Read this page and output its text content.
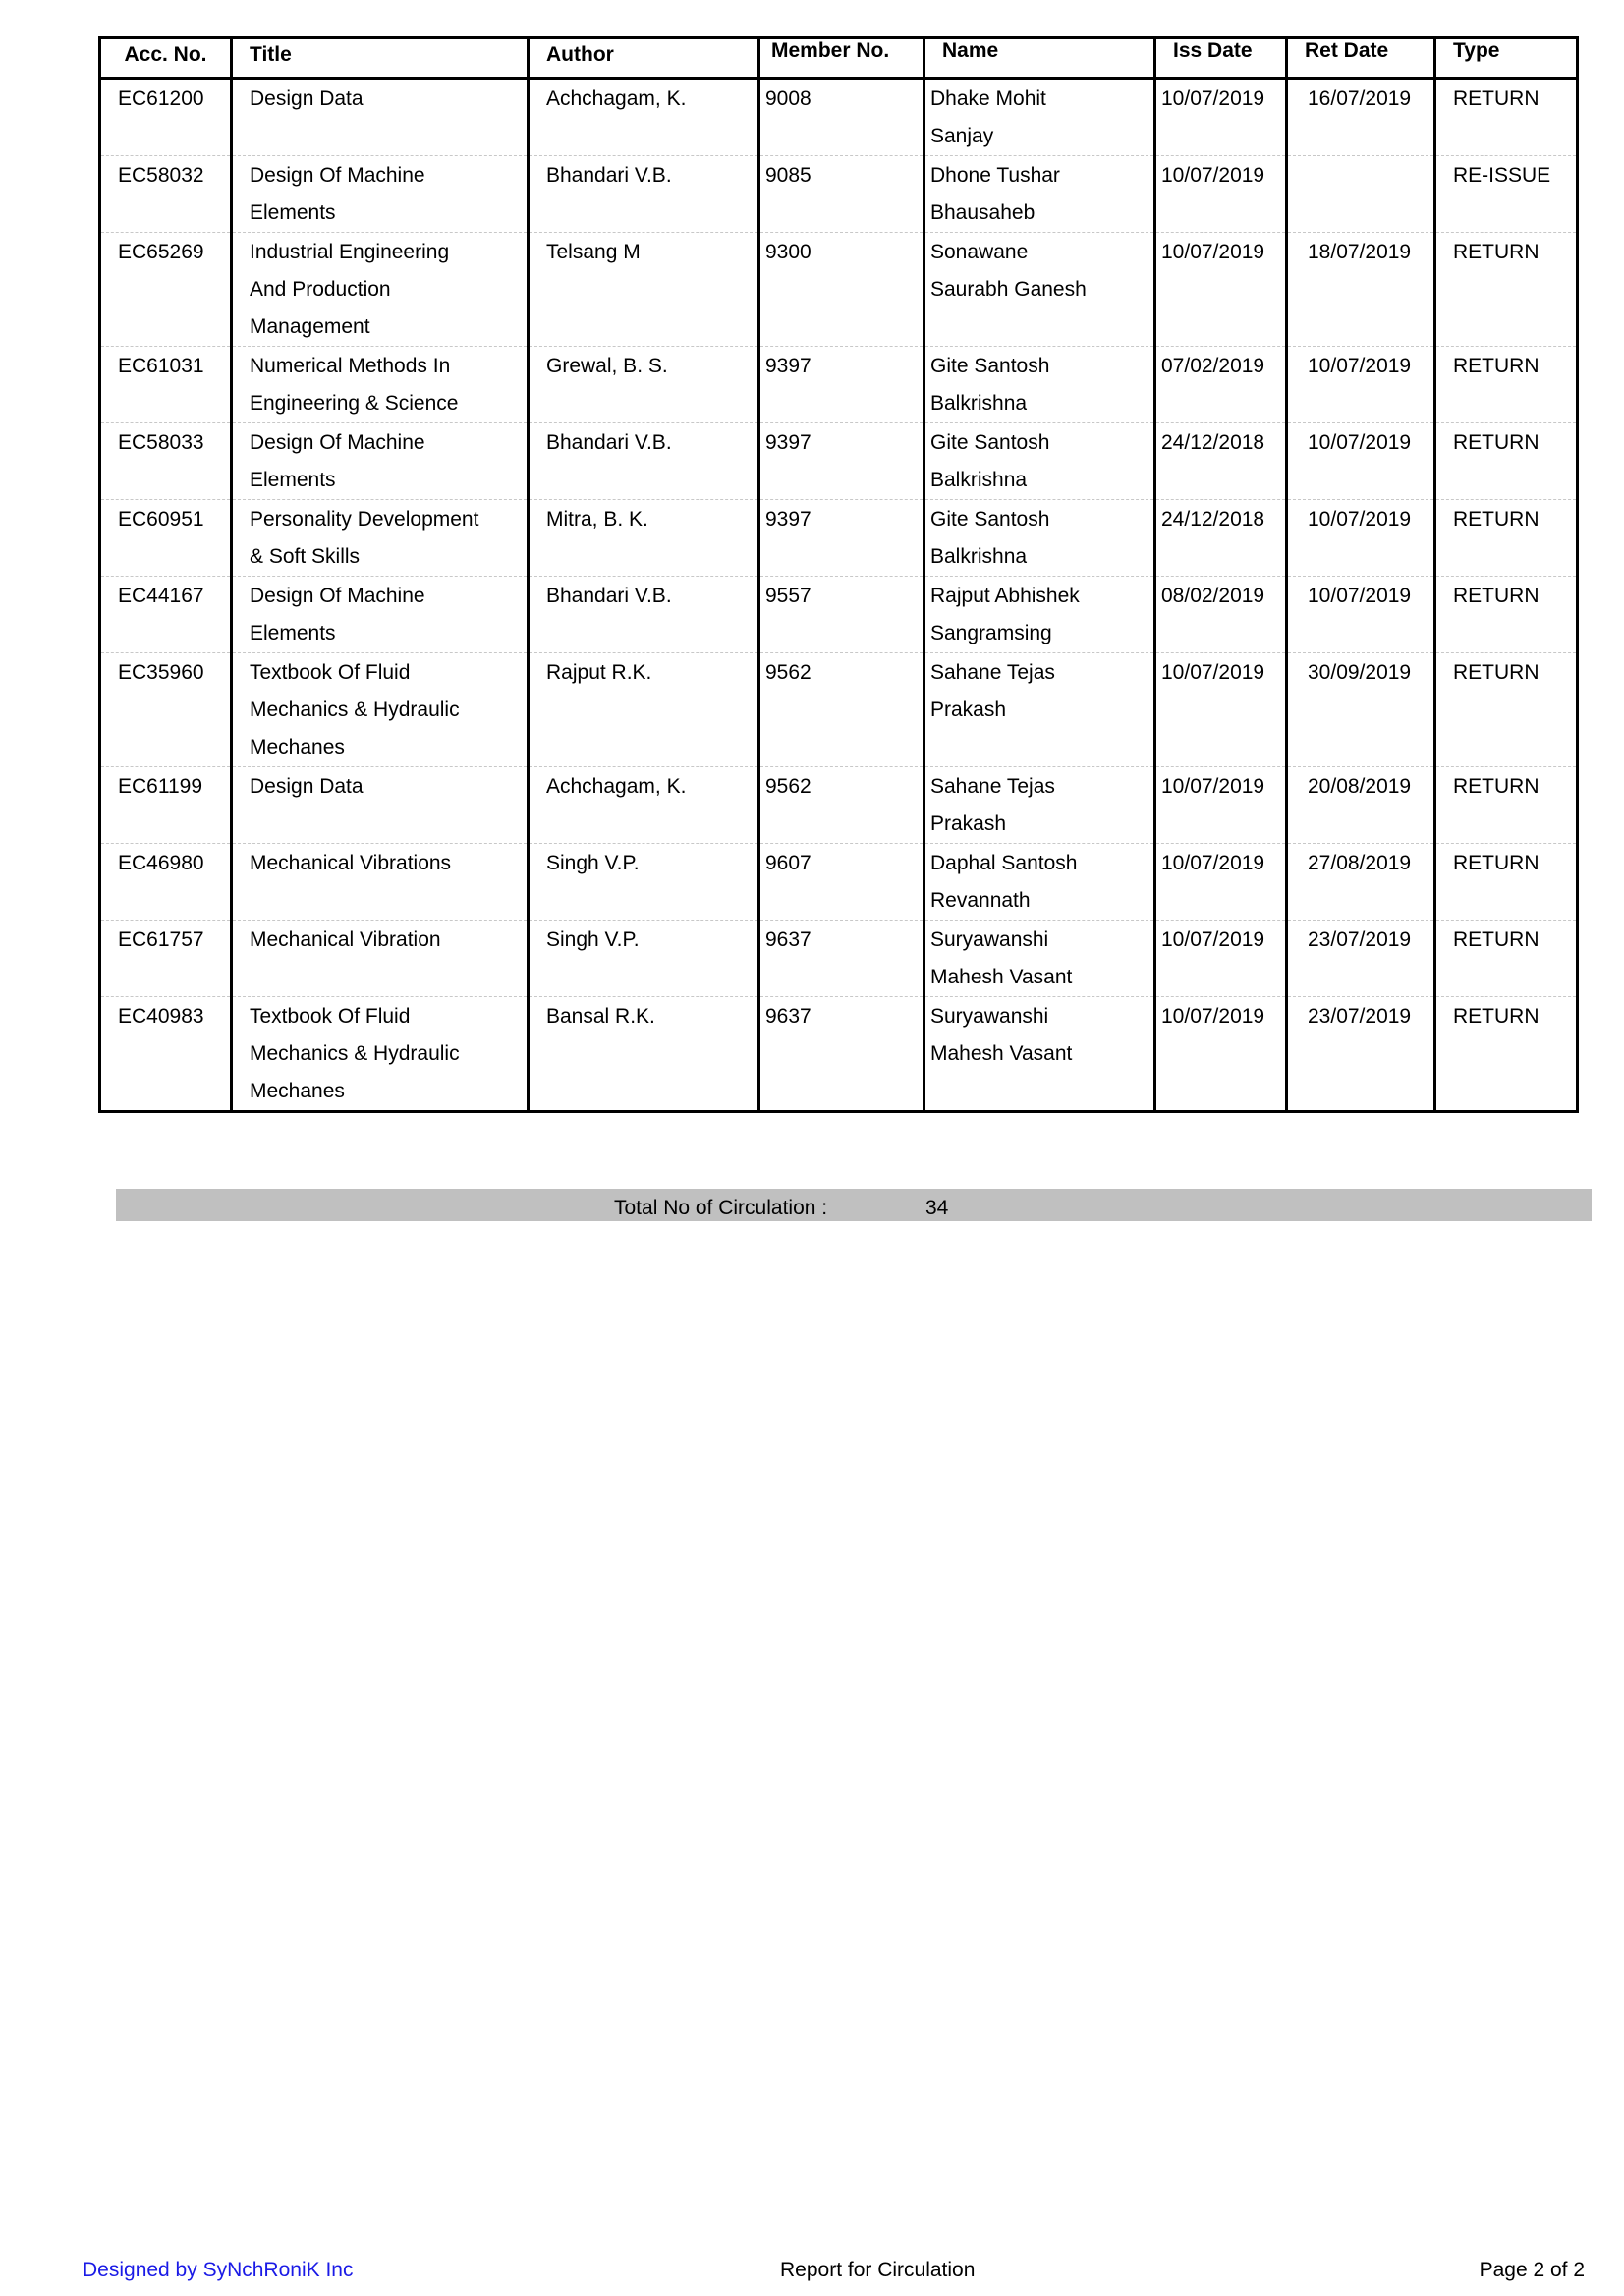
Acc. No.	Title	Author	Member No.	Name	Iss Date	Ret Date	Type
EC61200	Design Data	Achchagam, K.	9008	Dhake Mohit Sanjay	10/07/2019	16/07/2019	RETURN
EC58032	Design Of Machine Elements	Bhandari V.B.	9085	Dhone Tushar Bhausaheb	10/07/2019		RE-ISSUE
EC65269	Industrial Engineering And Production Management	Telsang M	9300	Sonawane Saurabh Ganesh	10/07/2019	18/07/2019	RETURN
EC61031	Numerical Methods In Engineering & Science	Grewal, B. S.	9397	Gite Santosh Balkrishna	07/02/2019	10/07/2019	RETURN
EC58033	Design Of Machine Elements	Bhandari V.B.	9397	Gite Santosh Balkrishna	24/12/2018	10/07/2019	RETURN
EC60951	Personality Development & Soft Skills	Mitra, B. K.	9397	Gite Santosh Balkrishna	24/12/2018	10/07/2019	RETURN
EC44167	Design Of Machine Elements	Bhandari V.B.	9557	Rajput Abhishek Sangramsing	08/02/2019	10/07/2019	RETURN
EC35960	Textbook Of Fluid Mechanics & Hydraulic Mechanes	Rajput R.K.	9562	Sahane Tejas Prakash	10/07/2019	30/09/2019	RETURN
EC61199	Design Data	Achchagam, K.	9562	Sahane Tejas Prakash	10/07/2019	20/08/2019	RETURN
EC46980	Mechanical Vibrations	Singh V.P.	9607	Daphal Santosh Revannath	10/07/2019	27/08/2019	RETURN
EC61757	Mechanical Vibration	Singh V.P.	9637	Suryawanshi Mahesh Vasant	10/07/2019	23/07/2019	RETURN
EC40983	Textbook Of Fluid Mechanics & Hydraulic Mechanes	Bansal R.K.	9637	Suryawanshi Mahesh Vasant	10/07/2019	23/07/2019	RETURN
Total No of Circulation :	34
Designed by SyNchRoniK Inc	Report for Circulation	Page 2 of 2
